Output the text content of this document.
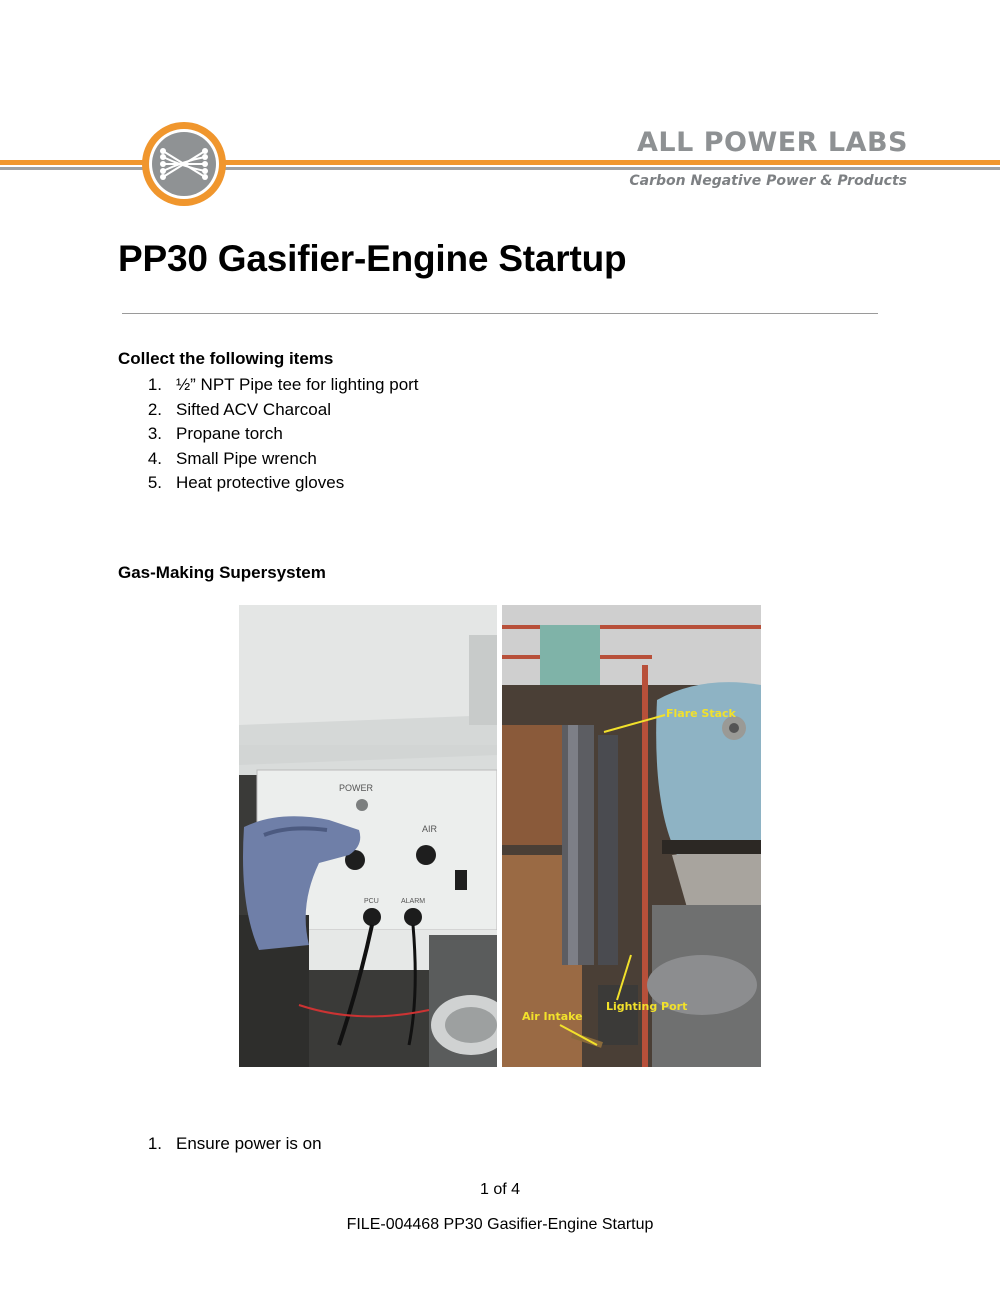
ALL POWER LABS
Carbon Negative Power & Products
PP30 Gasifier-Engine Startup
Collect the following items
1. ½” NPT Pipe tee for lighting port
2. Sifted ACV Charcoal
3. Propane torch
4. Small Pipe wrench
5. Heat protective gloves
Gas-Making Supersystem
POWER
AIR
PCU	ALARM
Flare Stack
Lighting Port
Air Intake
1. Ensure power is on
1 of 4
FILE-004468 PP30 Gasifier-Engine Startup
